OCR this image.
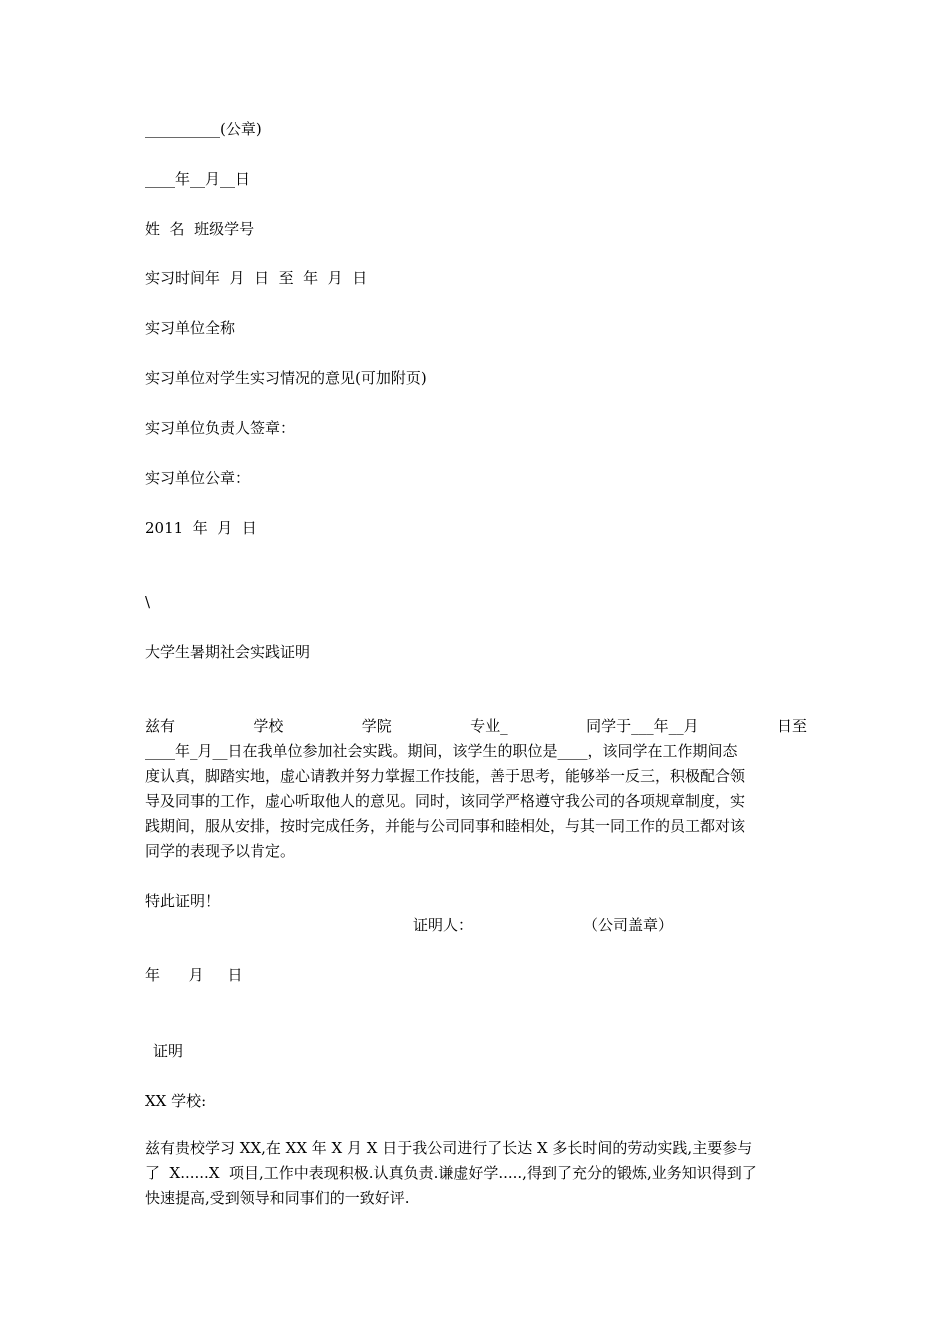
__________(公章)
____年__月__日
姓  名  班级学号
实习时间年  月  日  至  年  月  日
实习单位全称
实习单位对学生实习情况的意见(可加附页)
实习单位负责人签章：
实习单位公章：
2011  年  月  日
\
大学生暑期社会实践证明
兹有	学校	学院	专业_	同学于___年__月	日至
____年_月__日在我单位参加社会实践。期间，该学生的职位是____，该同学在工作期间态
度认真，脚踏实地，虚心请教并努力掌握工作技能，善于思考，能够举一反三，积极配合领
导及同事的工作，虚心听取他人的意见。同时，该同学严格遵守我公司的各项规章制度，实
践期间，服从安排，按时完成任务，并能与公司同事和睦相处，与其一同工作的员工都对该
同学的表现予以肯定。
特此证明！
证明人：	（公司盖章）
年      月     日
证明
XX 学校:
兹有贵校学习 XX,在 XX 年 X 月 X 日于我公司进行了长达 X 多长时间的劳动实践,主要参与
了  X......X  项目,工作中表现积极.认真负责.谦虚好学.....,得到了充分的锻炼,业务知识得到了
快速提高,受到领导和同事们的一致好评.
